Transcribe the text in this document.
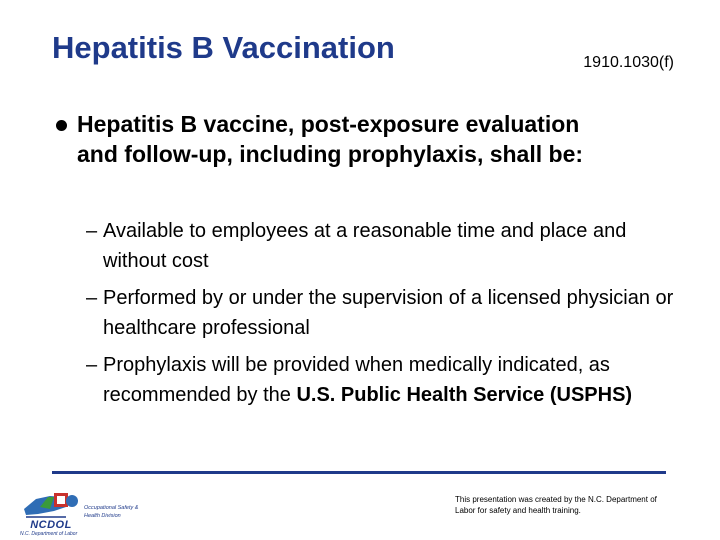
Hepatitis B Vaccination	1910.1030(f)
Hepatitis B vaccine, post-exposure evaluation and follow-up, including prophylaxis, shall be:
– Available to employees at a reasonable time and place and without cost
– Performed by or under the supervision of a licensed physician or healthcare professional
– Prophylaxis will be provided when medically indicated, as recommended by the U.S. Public Health Service (USPHS)
NCDOL
Occupational Safety & Health Division
N.C. Department of Labor
This presentation was created by the N.C. Department of Labor for safety and health training.
